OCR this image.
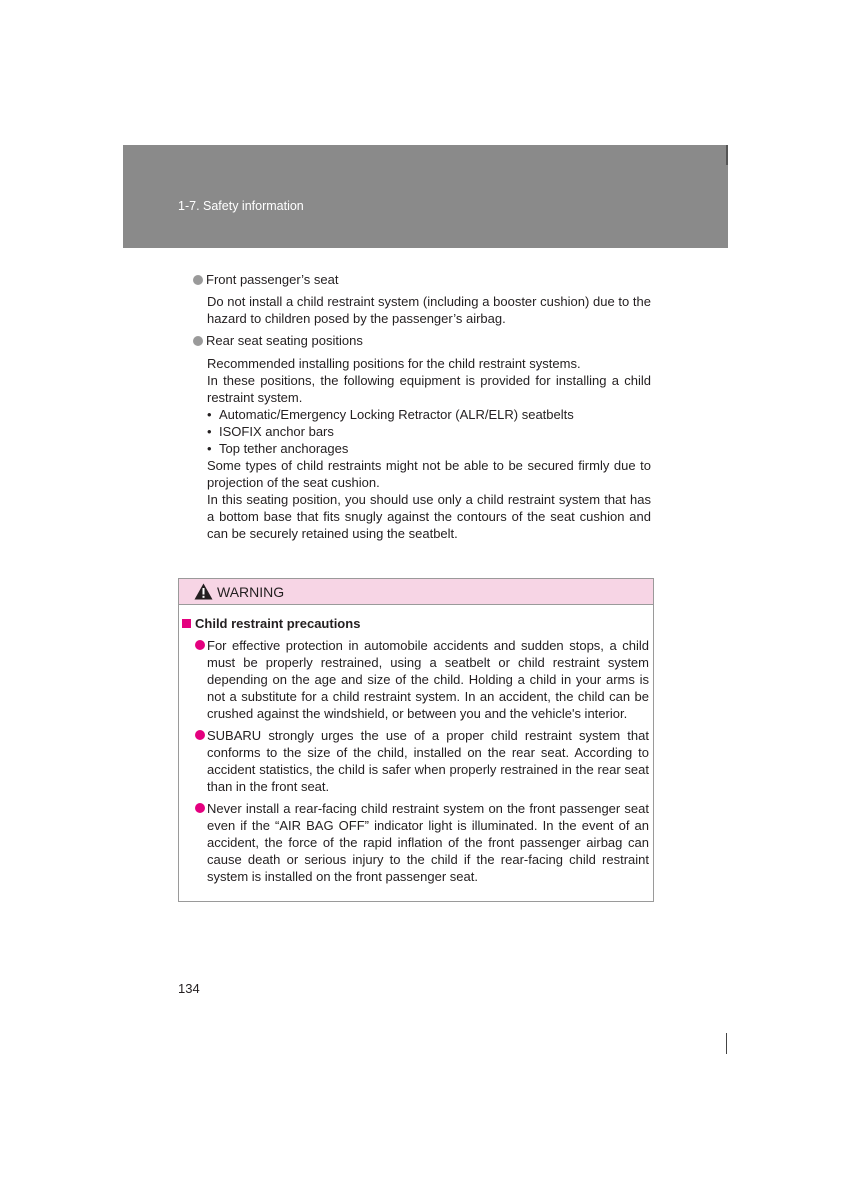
1-7. Safety information
Front passenger’s seat

Do not install a child restraint system (including a booster cushion) due to the hazard to children posed by the passenger’s airbag.

Rear seat seating positions

Recommended installing positions for the child restraint systems.

In these positions, the following equipment is provided for installing a child restraint system.

• Automatic/Emergency Locking Retractor (ALR/ELR) seatbelts
• ISOFIX anchor bars
• Top tether anchorages

Some types of child restraints might not be able to be secured firmly due to projection of the seat cushion.

In this seating position, you should use only a child restraint system that has a bottom base that fits snugly against the contours of the seat cushion and can be securely retained using the seatbelt.

WARNING
Child restraint precautions

For effective protection in automobile accidents and sudden stops, a child must be properly restrained, using a seatbelt or child restraint system depending on the age and size of the child. Holding a child in your arms is not a substitute for a child restraint system. In an accident, the child can be crushed against the windshield, or between you and the vehicle's interior.

SUBARU strongly urges the use of a proper child restraint system that conforms to the size of the child, installed on the rear seat. According to accident statistics, the child is safer when properly restrained in the rear seat than in the front seat.

Never install a rear-facing child restraint system on the front passenger seat even if the “AIR BAG OFF” indicator light is illuminated. In the event of an accident, the force of the rapid inflation of the front passenger airbag can cause death or serious injury to the child if the rear-facing child restraint system is installed on the front passenger seat.

134
